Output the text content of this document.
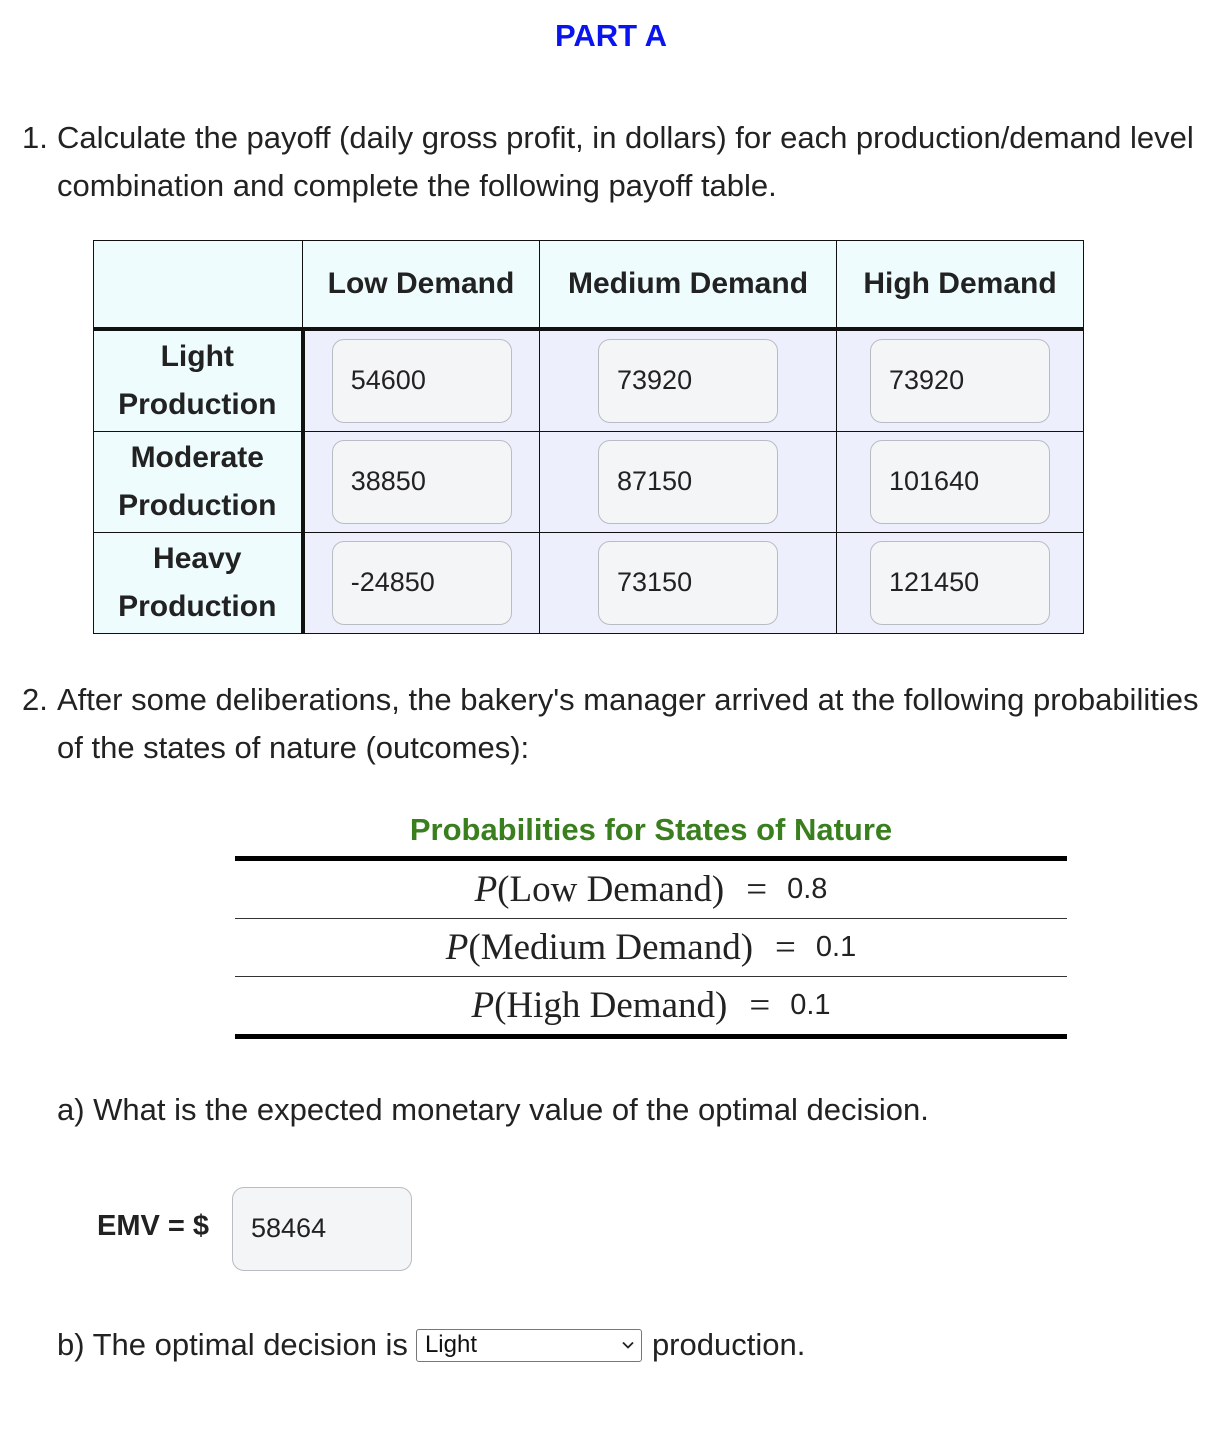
PART A
1. Calculate the payoff (daily gross profit, in dollars) for each production/demand level combination and complete the following payoff table.
	Low Demand	Medium Demand	High Demand

Light
Production	54600	73920	73920

Moderate
Production	38850	87150	101640

Heavy
Production	-24850	73150	121450
2. After some deliberations, the bakery's manager arrived at the following probabilities of the states of nature (outcomes):
Probabilities for States of Nature
P(Low Demand) = 0.8
P(Medium Demand) = 0.1
P(High Demand) = 0.1
a) What is the expected monetary value of the optimal decision.
EMV = $	58464
b) The optimal decision is Light	production.
